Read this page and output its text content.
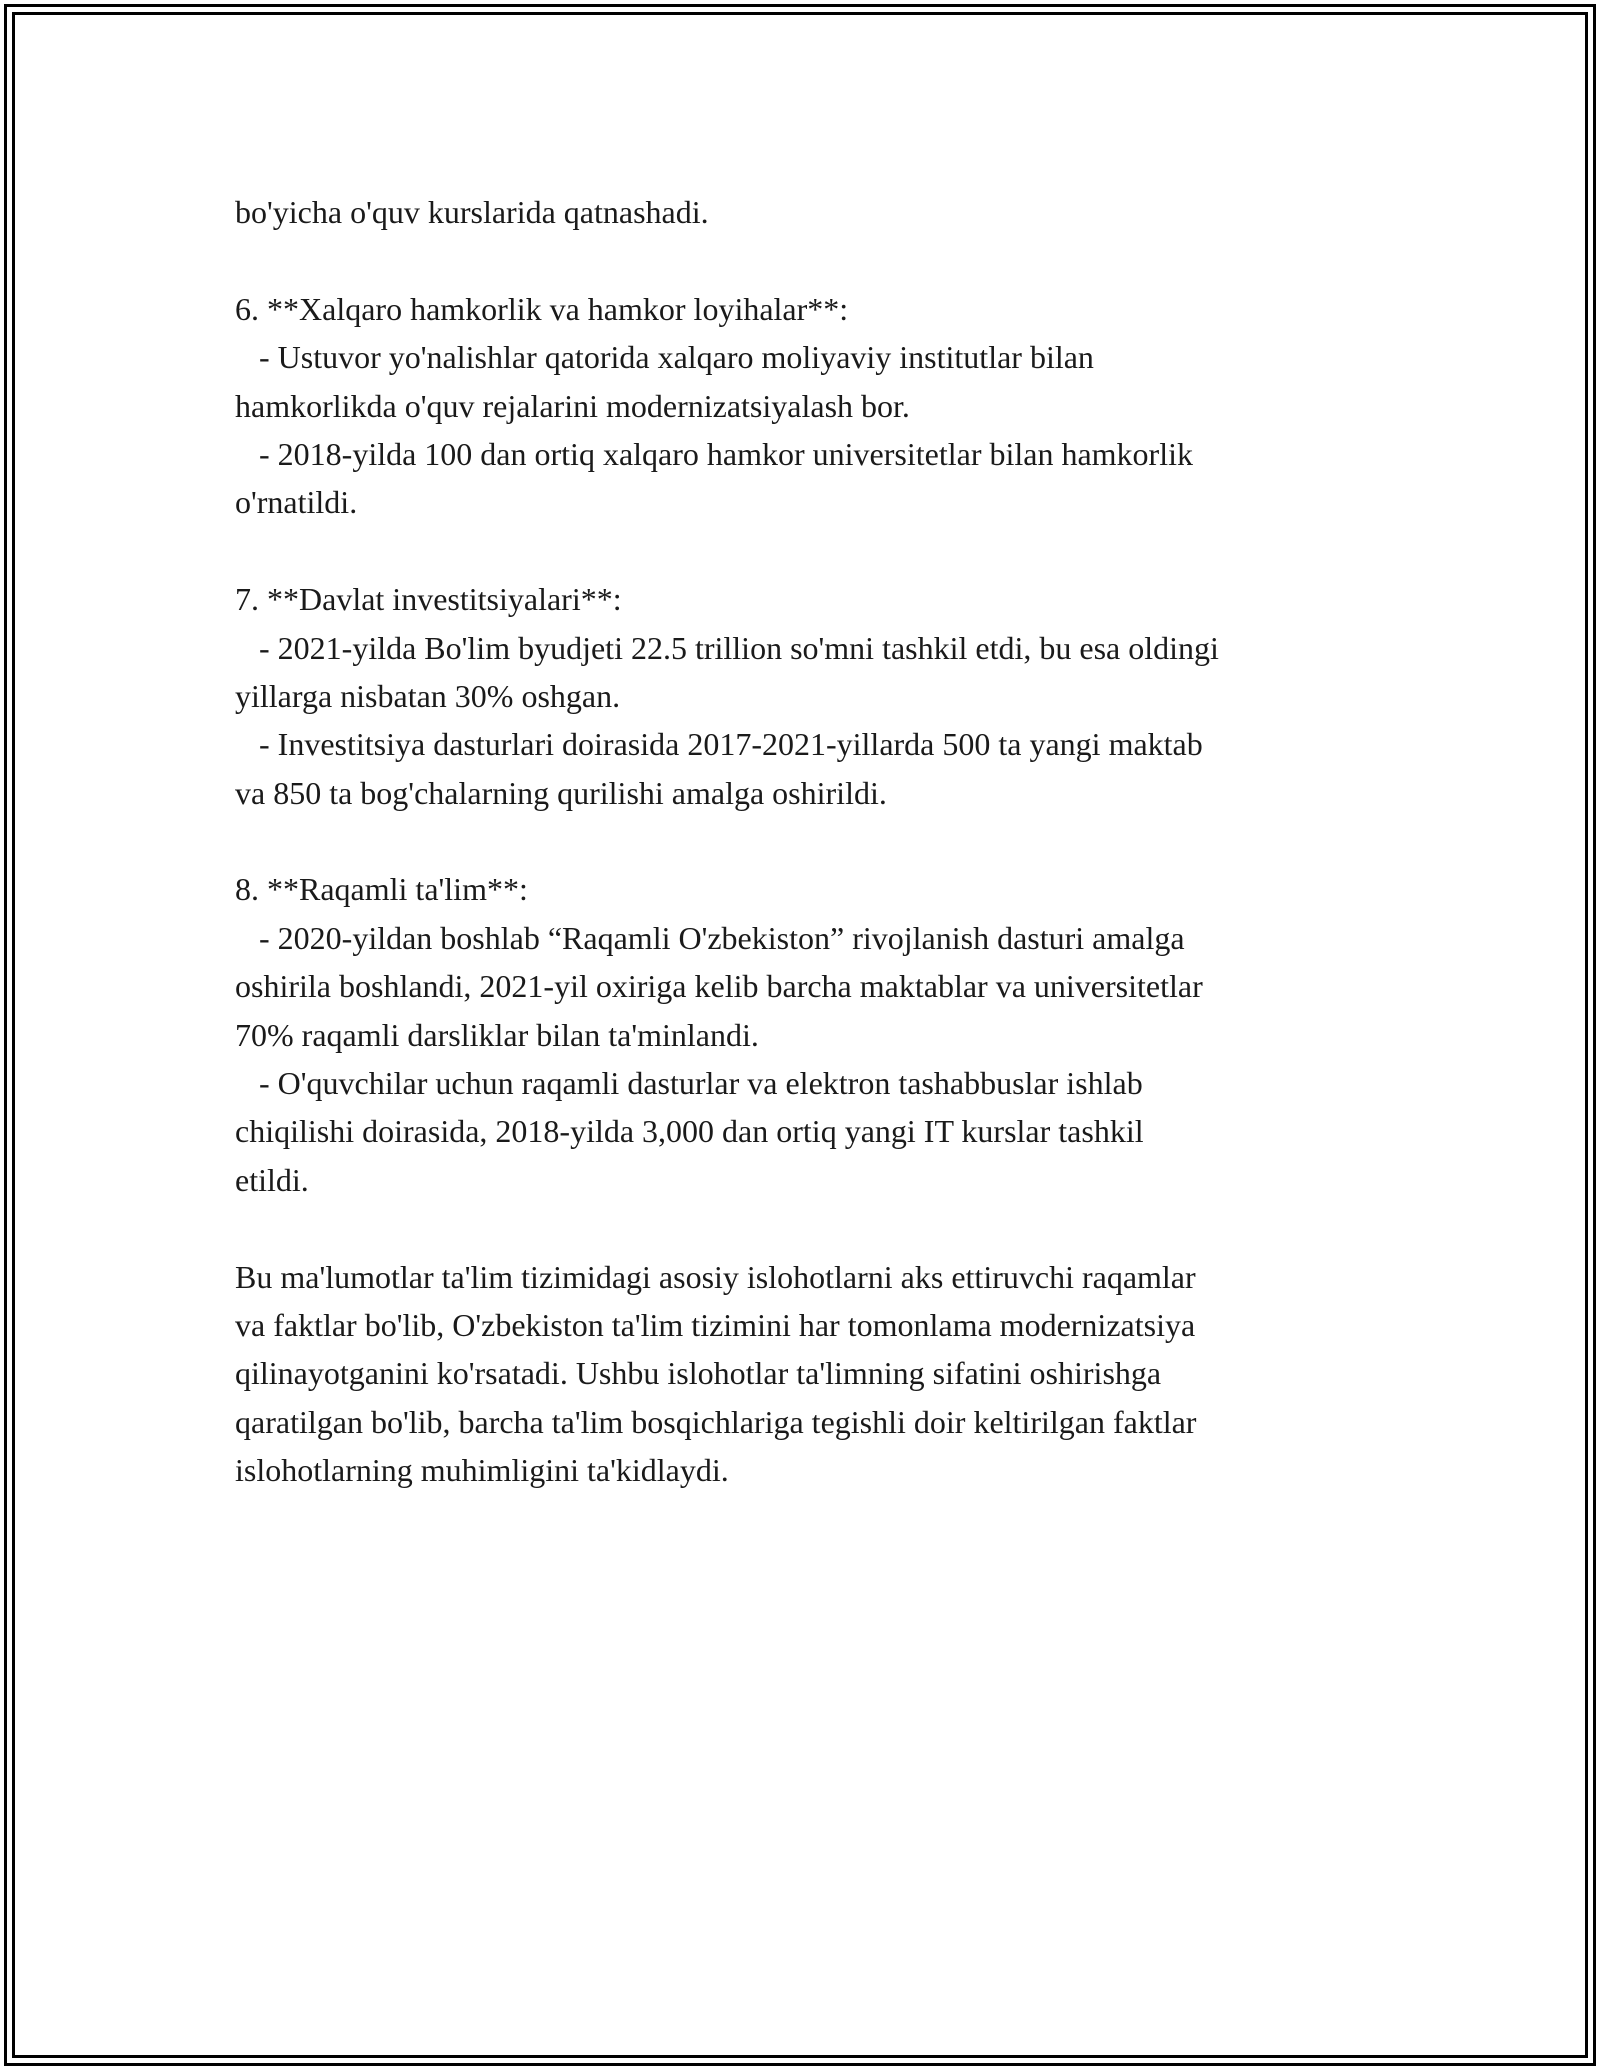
bo'yicha o'quv kurslarida qatnashadi.
6. **Xalqaro hamkorlik va hamkor loyihalar**:
- Ustuvor yo'nalishlar qatorida xalqaro moliyaviy institutlar bilan
hamkorlikda o'quv rejalarini modernizatsiyalash bor.
- 2018-yilda 100 dan ortiq xalqaro hamkor universitetlar bilan hamkorlik
o'rnatildi.
7. **Davlat investitsiyalari**:
- 2021-yilda Bo'lim byudjeti 22.5 trillion so'mni tashkil etdi, bu esa oldingi
yillarga nisbatan 30% oshgan.
- Investitsiya dasturlari doirasida 2017-2021-yillarda 500 ta yangi maktab
va 850 ta bog'chalarning qurilishi amalga oshirildi.
8. **Raqamli ta'lim**:
- 2020-yildan boshlab “Raqamli O'zbekiston” rivojlanish dasturi amalga
oshirila boshlandi, 2021-yil oxiriga kelib barcha maktablar va universitetlar
70% raqamli darsliklar bilan ta'minlandi.
- O'quvchilar uchun raqamli dasturlar va elektron tashabbuslar ishlab
chiqilishi doirasida, 2018-yilda 3,000 dan ortiq yangi IT kurslar tashkil
etildi.
Bu ma'lumotlar ta'lim tizimidagi asosiy islohotlarni aks ettiruvchi raqamlar
va faktlar bo'lib, O'zbekiston ta'lim tizimini har tomonlama modernizatsiya
qilinayotganini ko'rsatadi. Ushbu islohotlar ta'limning sifatini oshirishga
qaratilgan bo'lib, barcha ta'lim bosqichlariga tegishli doir keltirilgan faktlar
islohotlarning muhimligini ta'kidlaydi.
